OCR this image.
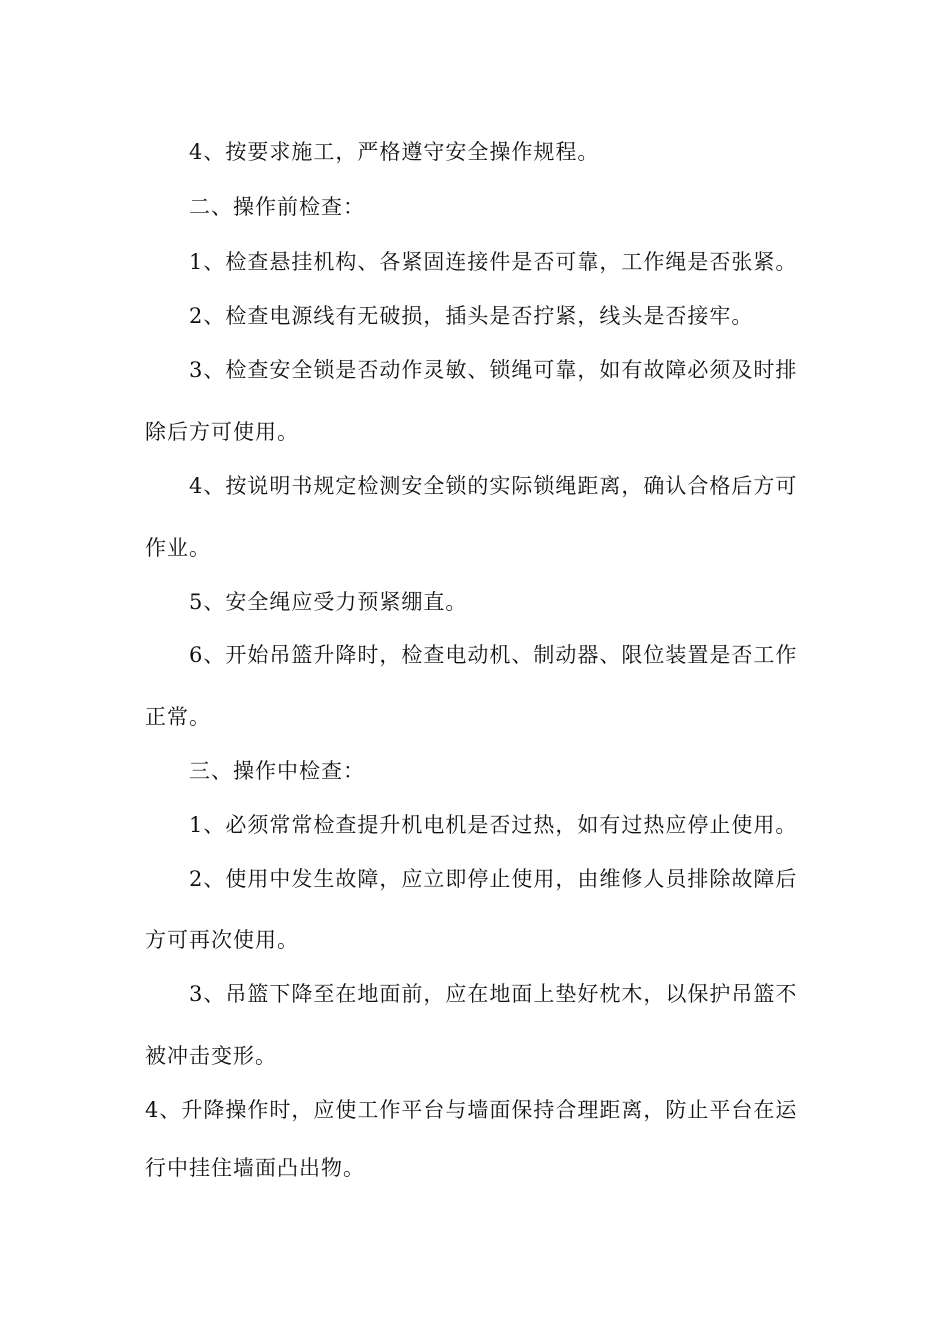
4、按要求施工，严格遵守安全操作规程。
二、操作前检查：
1、检查悬挂机构、各紧固连接件是否可靠，工作绳是否张紧。
2、检查电源线有无破损，插头是否拧紧，线头是否接牢。
3、检查安全锁是否动作灵敏、锁绳可靠，如有故障必须及时排
除后方可使用。
4、按说明书规定检测安全锁的实际锁绳距离，确认合格后方可
作业。
5、安全绳应受力预紧绷直。
6、开始吊篮升降时，检查电动机、制动器、限位装置是否工作
正常。
三、操作中检查：
1、必须常常检查提升机电机是否过热，如有过热应停止使用。
2、使用中发生故障，应立即停止使用，由维修人员排除故障后
方可再次使用。
3、吊篮下降至在地面前，应在地面上垫好枕木，以保护吊篮不
被冲击变形。
4、升降操作时，应使工作平台与墙面保持合理距离，防止平台在运
行中挂住墙面凸出物。
